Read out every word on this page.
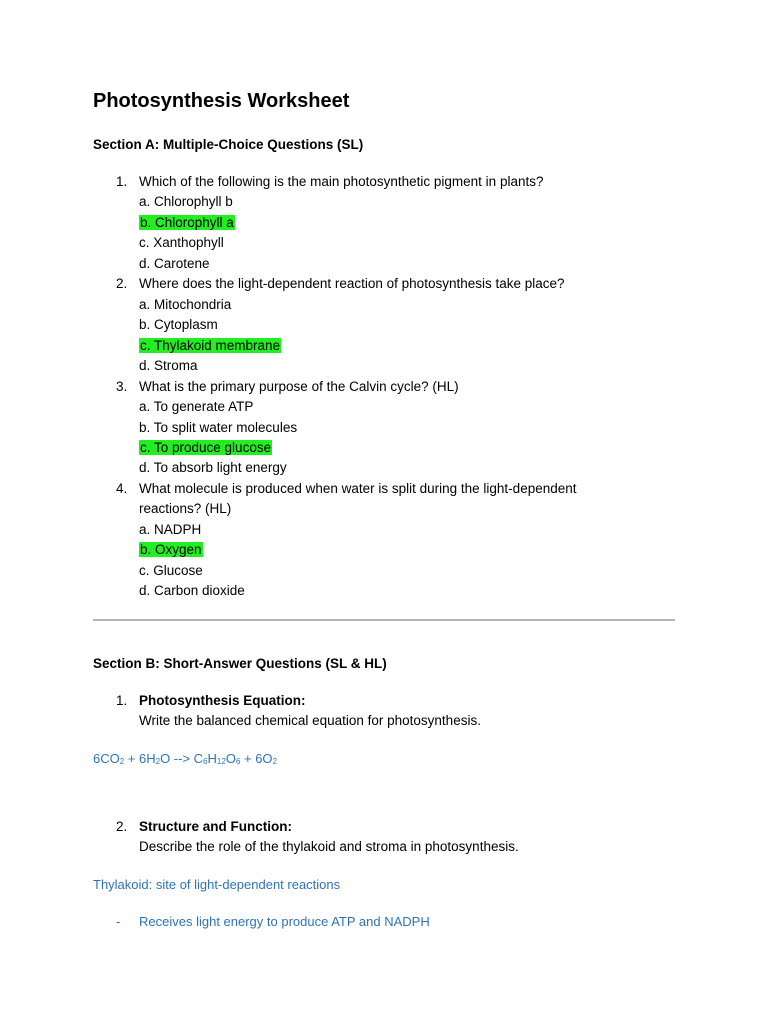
Photosynthesis Worksheet
Section A: Multiple-Choice Questions (SL)
1. Which of the following is the main photosynthetic pigment in plants?
a. Chlorophyll b
b. Chlorophyll a
c. Xanthophyll
d. Carotene
2. Where does the light-dependent reaction of photosynthesis take place?
a. Mitochondria
b. Cytoplasm
c. Thylakoid membrane
d. Stroma
3. What is the primary purpose of the Calvin cycle? (HL)
a. To generate ATP
b. To split water molecules
c. To produce glucose
d. To absorb light energy
4. What molecule is produced when water is split during the light-dependent
reactions? (HL)
a. NADPH
b. Oxygen
c. Glucose
d. Carbon dioxide
Section B: Short-Answer Questions (SL & HL)
1. Photosynthesis Equation:
Write the balanced chemical equation for photosynthesis.
$6CO_2 + 6H_2O$ --> $C_6H_{12}O_6 + 6O_2$
2. Structure and Function:
Describe the role of the thylakoid and stroma in photosynthesis.
Thylakoid: site of light-dependent reactions
- Receives light energy to produce ATP and NADPH
